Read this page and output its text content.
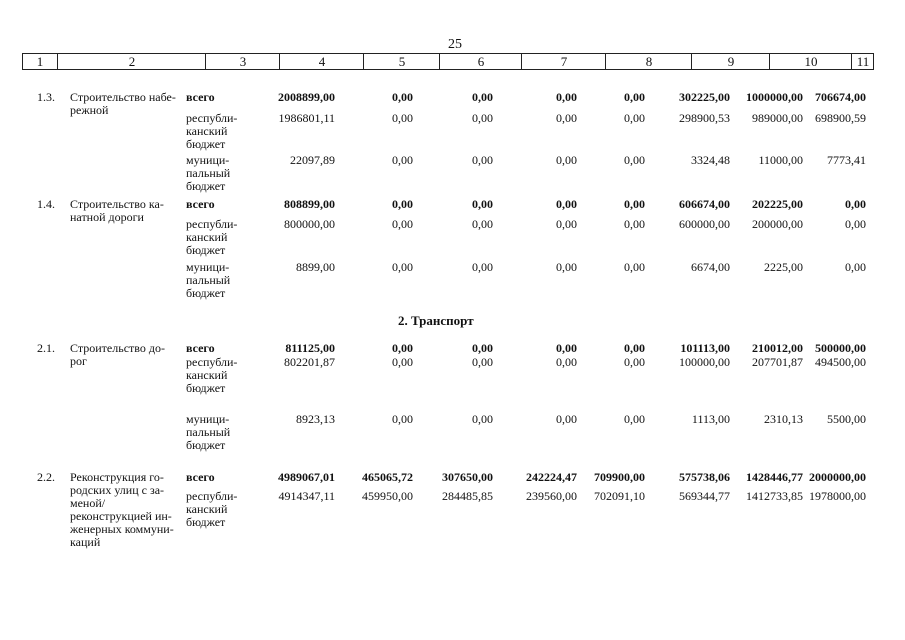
25
1	2	3	4	5	6	7	8	9	10	11
1.3. Строительство набе-
режной
всего	2008899,00	0,00	0,00	0,00	0,00	302225,00 1000000,00 706674,00
республи-
канский
бюджет
1986801,11	0,00	0,00	0,00	0,00	298900,53 989000,00 698900,59
муници-
пальный
бюджет
22097,89	0,00	0,00	0,00	0,00	3324,48 11000,00 7773,41
1.4. Строительство ка-
натной дороги
всего	808899,00	0,00	0,00	0,00	0,00	606674,00 202225,00	0,00
республи-
канский
бюджет
800000,00	0,00	0,00	0,00	0,00	600000,00 200000,00	0,00
муници-
пальный
бюджет
8899,00	0,00	0,00	0,00	0,00	6674,00	2225,00	0,00
2.1. Строительство до-
рог
всего	811125,00	0,00	0,00	0,00	0,00	101113,00 210012,00 500000,00
республи-
канский
бюджет
802201,87	0,00	0,00	0,00	0,00	100000,00 207701,87 494500,00
муници-
пальный
бюджет
8923,13	0,00	0,00	0,00	0,00	1113,00	2310,13 5500,00
2.2. Реконструкция го-
родских улиц с за-
меной/
реконструкцией ин-
женерных коммуни-
каций
всего	4989067,01 465065,72 307650,00	242224,47 709900,00	575738,06 1428446,77 2000000,00
республи-
канский
бюджет
4914347,11 459950,00 284485,85	239560,00 702091,10	569344,77 1412733,85 1978000,00
2. Транспорт
